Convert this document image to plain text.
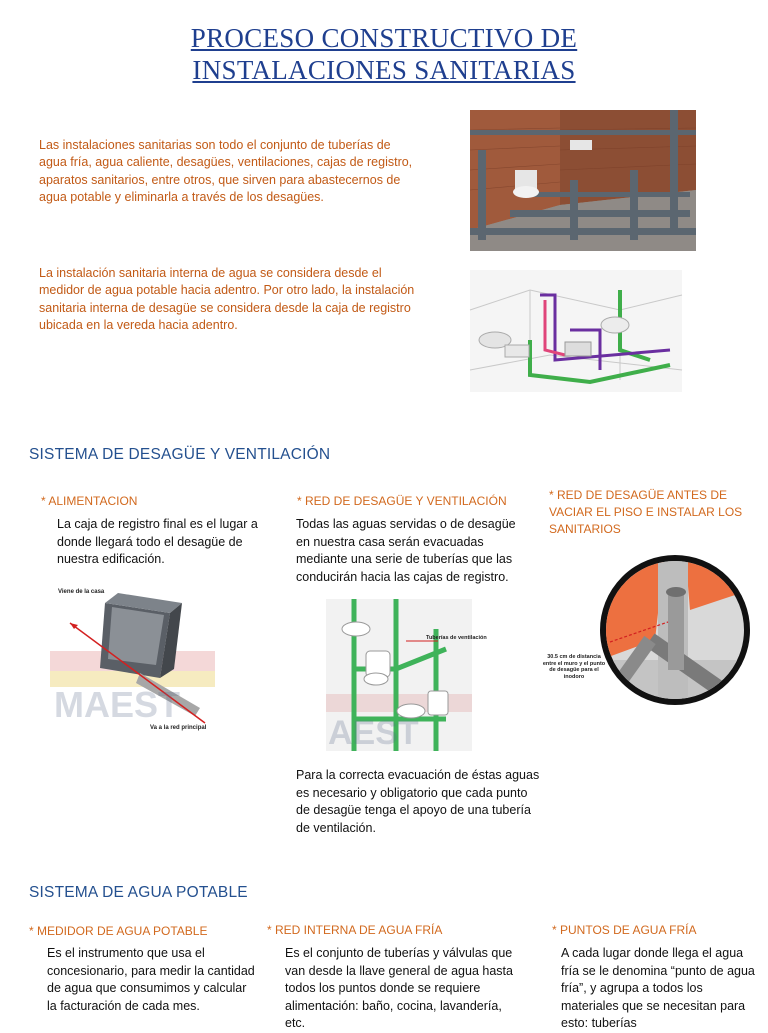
PROCESO CONSTRUCTIVO DE
INSTALACIONES SANITARIAS
Las instalaciones sanitarias son todo el conjunto de tuberías de agua fría, agua caliente, desagües, ventilaciones, cajas de registro, aparatos sanitarios, entre otros, que sirven para abastecernos de agua potable y eliminarla a través de los desagües.
La instalación sanitaria interna de agua se considera desde el medidor de agua potable hacia adentro. Por otro lado, la instalación sanitaria interna de desagüe se considera desde la caja de registro ubicada en la vereda hacia adentro.
SISTEMA DE DESAGÜE Y VENTILACIÓN
* ALIMENTACION
La caja de registro final es el lugar a donde llegará todo el desagüe de nuestra edificación.
Viene de la casa
Va a la red principal
MAEST
* RED DE DESAGÜE Y VENTILACIÓN
Todas las aguas servidas o de desagüe en nuestra casa serán evacuadas mediante una serie de tuberías que las conducirán hacia las cajas de registro.
Tuberías de ventilación
AEST
Para la correcta evacuación de éstas aguas es necesario y obligatorio que cada punto de desagüe tenga el apoyo de una tubería de ventilación.
* RED DE DESAGÜE ANTES DE VACIAR EL PISO E INSTALAR LOS SANITARIOS
30.5 cm de distancia entre el muro y el punto de desagüe para el inodoro
SISTEMA DE AGUA POTABLE
* MEDIDOR DE AGUA POTABLE
Es el instrumento que usa el concesionario, para medir la cantidad de agua que consumimos y calcular la facturación de cada mes.
* RED INTERNA DE AGUA FRÍA
Es el conjunto de tuberías y válvulas que van desde la llave general de agua hasta todos los puntos donde se requiere alimentación: baño, cocina, lavandería, etc.
* PUNTOS DE AGUA FRÍA
A cada lugar donde llega el agua fría se le denomina “punto de agua fría”, y agrupa a todos los materiales que se necesitan para esto: tuberías
